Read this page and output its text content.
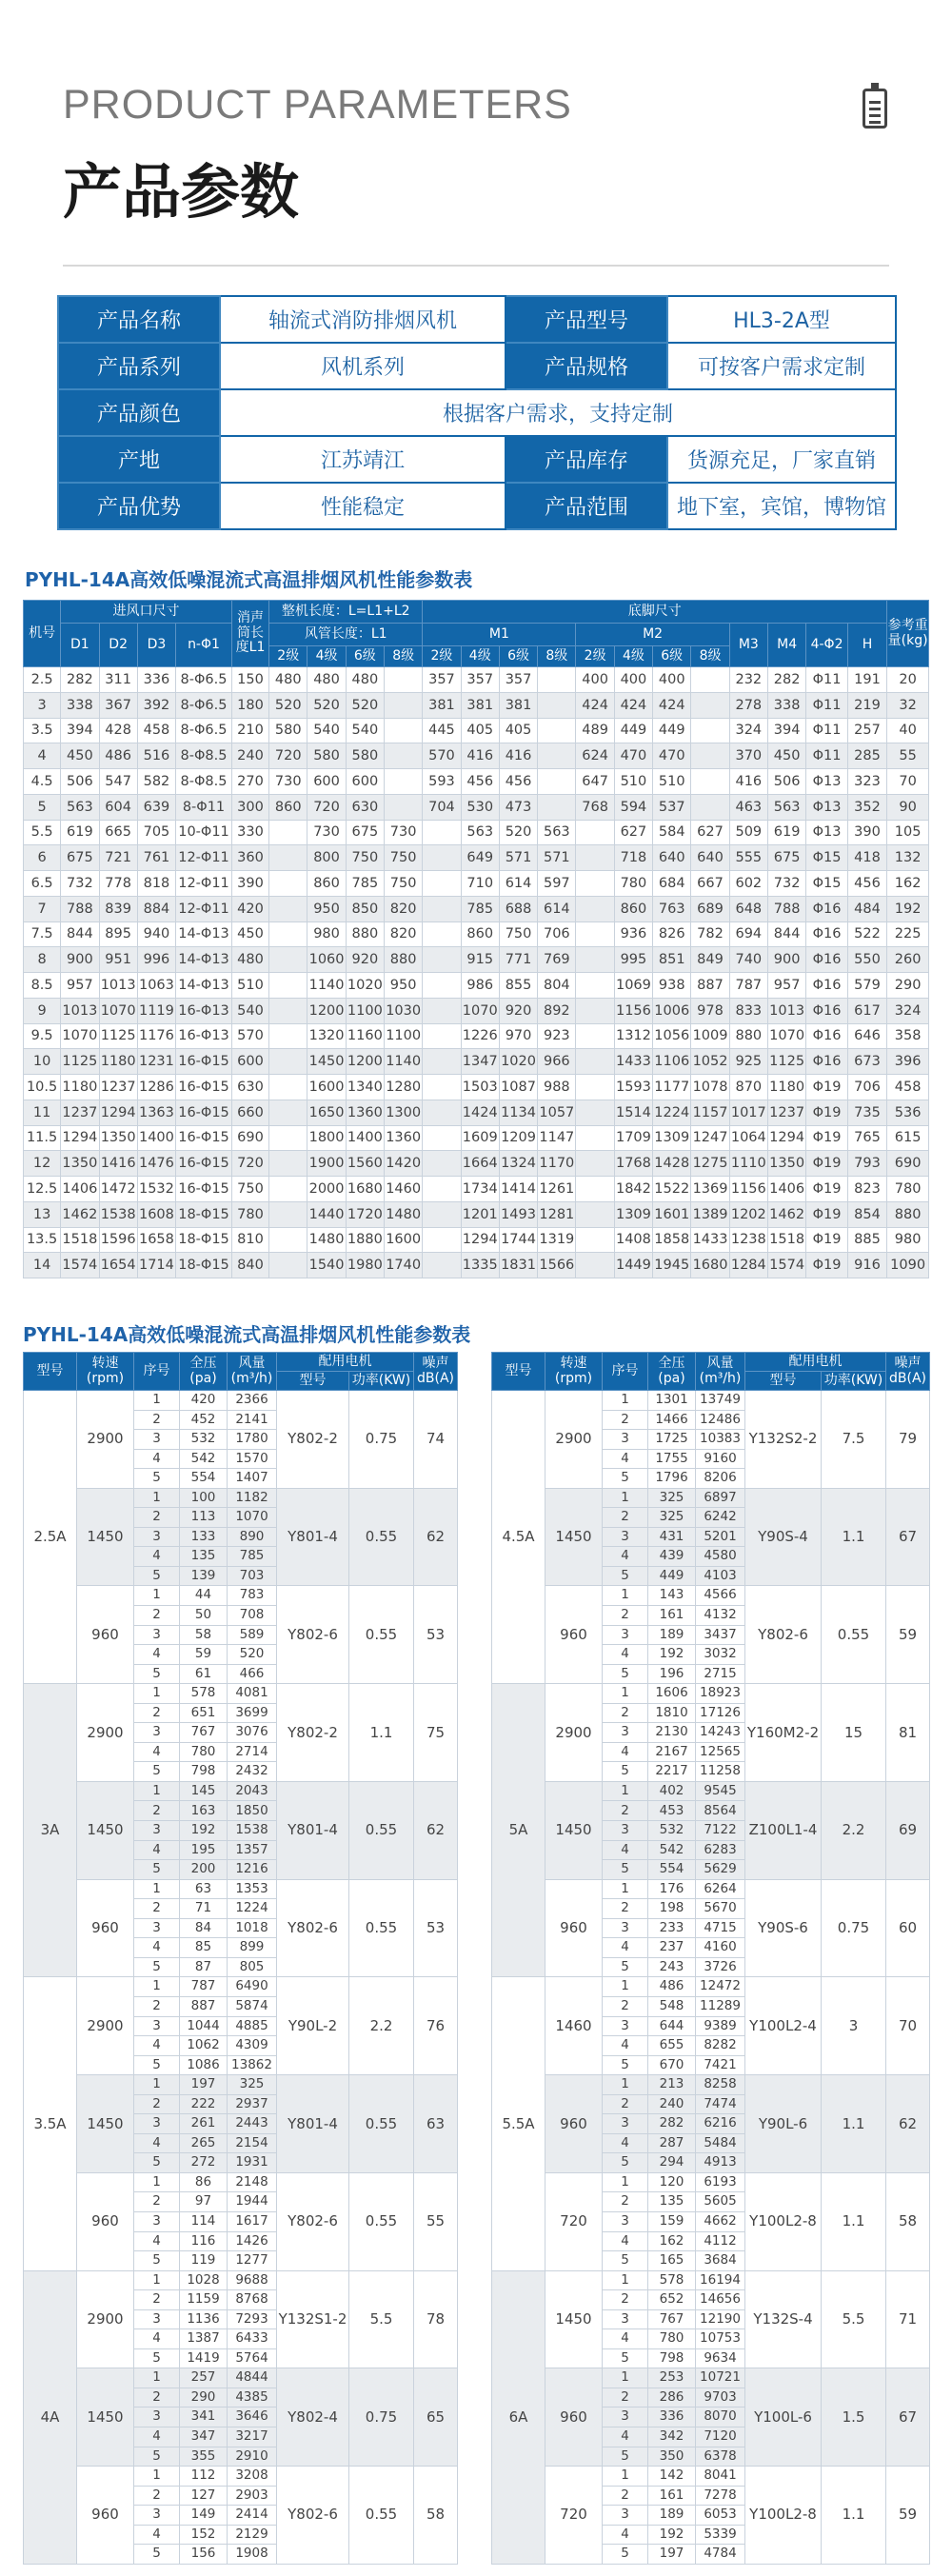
PRODUCT PARAMETERS
产品参数
产品名称	轴流式消防排烟风机	产品型号	HL3-2A型
产品系列	风机系列	产品规格	可按客户需求定制
产品颜色	根据客户需求，支持定制		
产地	江苏靖江	产品库存	货源充足，厂家直销
产品优势	性能稳定	产品范围	地下室，宾馆，博物馆
PYHL-14A高效低噪混流式高温排烟风机性能参数表
机号	进风口尺寸				消声筒长度L1	整机长度：L=L1+L2				底脚尺寸												参考重量(kg)
	D1	D2	D3	n-Φ1		风管长度：L1				M1				M2				M3	M4	4-Φ2	H	
						2级	4级	6级	8级	2级	4级	6级	8级	2级	4级	6级	8级					
2.5	282	311	336	8-Φ6.5	150	480	480	480		357	357	357		400	400	400		232	282	Φ11	191	20
3	338	367	392	8-Φ6.5	180	520	520	520		381	381	381		424	424	424		278	338	Φ11	219	32
3.5	394	428	458	8-Φ6.5	210	580	540	540		445	405	405		489	449	449		324	394	Φ11	257	40
4	450	486	516	8-Φ8.5	240	720	580	580		570	416	416		624	470	470		370	450	Φ11	285	55
4.5	506	547	582	8-Φ8.5	270	730	600	600		593	456	456		647	510	510		416	506	Φ13	323	70
5	563	604	639	8-Φ11	300	860	720	630		704	530	473		768	594	537		463	563	Φ13	352	90
5.5	619	665	705	10-Φ11	330		730	675	730		563	520	563		627	584	627	509	619	Φ13	390	105
6	675	721	761	12-Φ11	360		800	750	750		649	571	571		718	640	640	555	675	Φ15	418	132
6.5	732	778	818	12-Φ11	390		860	785	750		710	614	597		780	684	667	602	732	Φ15	456	162
7	788	839	884	12-Φ11	420		950	850	820		785	688	614		860	763	689	648	788	Φ16	484	192
7.5	844	895	940	14-Φ13	450		980	880	820		860	750	706		936	826	782	694	844	Φ16	522	225
8	900	951	996	14-Φ13	480		1060	920	880		915	771	769		995	851	849	740	900	Φ16	550	260
8.5	957	1013	1063	14-Φ13	510		1140	1020	950		986	855	804		1069	938	887	787	957	Φ16	579	290
9	1013	1070	1119	16-Φ13	540		1200	1100	1030		1070	920	892		1156	1006	978	833	1013	Φ16	617	324
9.5	1070	1125	1176	16-Φ13	570		1320	1160	1100		1226	970	923		1312	1056	1009	880	1070	Φ16	646	358
10	1125	1180	1231	16-Φ15	600		1450	1200	1140		1347	1020	966		1433	1106	1052	925	1125	Φ16	673	396
10.5	1180	1237	1286	16-Φ15	630		1600	1340	1280		1503	1087	988		1593	1177	1078	870	1180	Φ19	706	458
11	1237	1294	1363	16-Φ15	660		1650	1360	1300		1424	1134	1057		1514	1224	1157	1017	1237	Φ19	735	536
11.5	1294	1350	1400	16-Φ15	690		1800	1400	1360		1609	1209	1147		1709	1309	1247	1064	1294	Φ19	765	615
12	1350	1416	1476	16-Φ15	720		1900	1560	1420		1664	1324	1170		1768	1428	1275	1110	1350	Φ19	793	690
12.5	1406	1472	1532	16-Φ15	750		2000	1680	1460		1734	1414	1261		1842	1522	1369	1156	1406	Φ19	823	780
13	1462	1538	1608	18-Φ15	780		1440	1720	1480		1201	1493	1281		1309	1601	1389	1202	1462	Φ19	854	880
13.5	1518	1596	1658	18-Φ15	810		1480	1880	1600		1294	1744	1319		1408	1858	1433	1238	1518	Φ19	885	980
14	1574	1654	1714	18-Φ15	840		1540	1980	1740		1335	1831	1566		1449	1945	1680	1284	1574	Φ19	916	1090
PYHL-14A高效低噪混流式高温排烟风机性能参数表
型号	转速(rpm)	序号	全压(pa)	风量(m³/h)	配用电机		噪声dB(A)
					型号	功率(KW)	
2.5A	2900	1	420	2366	Y802-2	0.75	74
		2	452	2141			
		3	532	1780			
		4	542	1570			
		5	554	1407			
	1450	1	100	1182	Y801-4	0.55	62
		2	113	1070			
		3	133	890			
		4	135	785			
		5	139	703			
	960	1	44	783	Y802-6	0.55	53
		2	50	708			
		3	58	589			
		4	59	520			
		5	61	466			
3A	2900	1	578	4081	Y802-2	1.1	75
		2	651	3699			
		3	767	3076			
		4	780	2714			
		5	798	2432			
	1450	1	145	2043	Y801-4	0.55	62
		2	163	1850			
		3	192	1538			
		4	195	1357			
		5	200	1216			
	960	1	63	1353	Y802-6	0.55	53
		2	71	1224			
		3	84	1018			
		4	85	899			
		5	87	805			
3.5A	2900	1	787	6490	Y90L-2	2.2	76
		2	887	5874			
		3	1044	4885			
		4	1062	4309			
		5	1086	13862			
	1450	1	197	325	Y801-4	0.55	63
		2	222	2937			
		3	261	2443			
		4	265	2154			
		5	272	1931			
	960	1	86	2148	Y802-6	0.55	55
		2	97	1944			
		3	114	1617			
		4	116	1426			
		5	119	1277			
4A	2900	1	1028	9688	Y132S1-2	5.5	78
		2	1159	8768			
		3	1136	7293			
		4	1387	6433			
		5	1419	5764			
	1450	1	257	4844	Y802-4	0.75	65
		2	290	4385			
		3	341	3646			
		4	347	3217			
		5	355	2910			
	960	1	112	3208	Y802-6	0.55	58
		2	127	2903			
		3	149	2414			
		4	152	2129			
		5	156	1908			
型号	转速(rpm)	序号	全压(pa)	风量(m³/h)	配用电机		噪声dB(A)
					型号	功率(KW)	
4.5A	2900	1	1301	13749	Y132S2-2	7.5	79
		2	1466	12486			
		3	1725	10383			
		4	1755	9160			
		5	1796	8206			
	1450	1	325	6897	Y90S-4	1.1	67
		2	325	6242			
		3	431	5201			
		4	439	4580			
		5	449	4103			
	960	1	143	4566	Y802-6	0.55	59
		2	161	4132			
		3	189	3437			
		4	192	3032			
		5	196	2715			
5A	2900	1	1606	18923	Y160M2-2	15	81
		2	1810	17126			
		3	2130	14243			
		4	2167	12565			
		5	2217	11258			
	1450	1	402	9545	Z100L1-4	2.2	69
		2	453	8564			
		3	532	7122			
		4	542	6283			
		5	554	5629			
	960	1	176	6264	Y90S-6	0.75	60
		2	198	5670			
		3	233	4715			
		4	237	4160			
		5	243	3726			
5.5A	1460	1	486	12472	Y100L2-4	3	70
		2	548	11289			
		3	644	9389			
		4	655	8282			
		5	670	7421			
	960	1	213	8258	Y90L-6	1.1	62
		2	240	7474			
		3	282	6216			
		4	287	5484			
		5	294	4913			
	720	1	120	6193	Y100L2-8	1.1	58
		2	135	5605			
		3	159	4662			
		4	162	4112			
		5	165	3684			
6A	1450	1	578	16194	Y132S-4	5.5	71
		2	652	14656			
		3	767	12190			
		4	780	10753			
		5	798	9634			
	960	1	253	10721	Y100L-6	1.5	67
		2	286	9703			
		3	336	8070			
		4	342	7120			
		5	350	6378			
	720	1	142	8041	Y100L2-8	1.1	59
		2	161	7278			
		3	189	6053			
		4	192	5339			
		5	197	4784			
